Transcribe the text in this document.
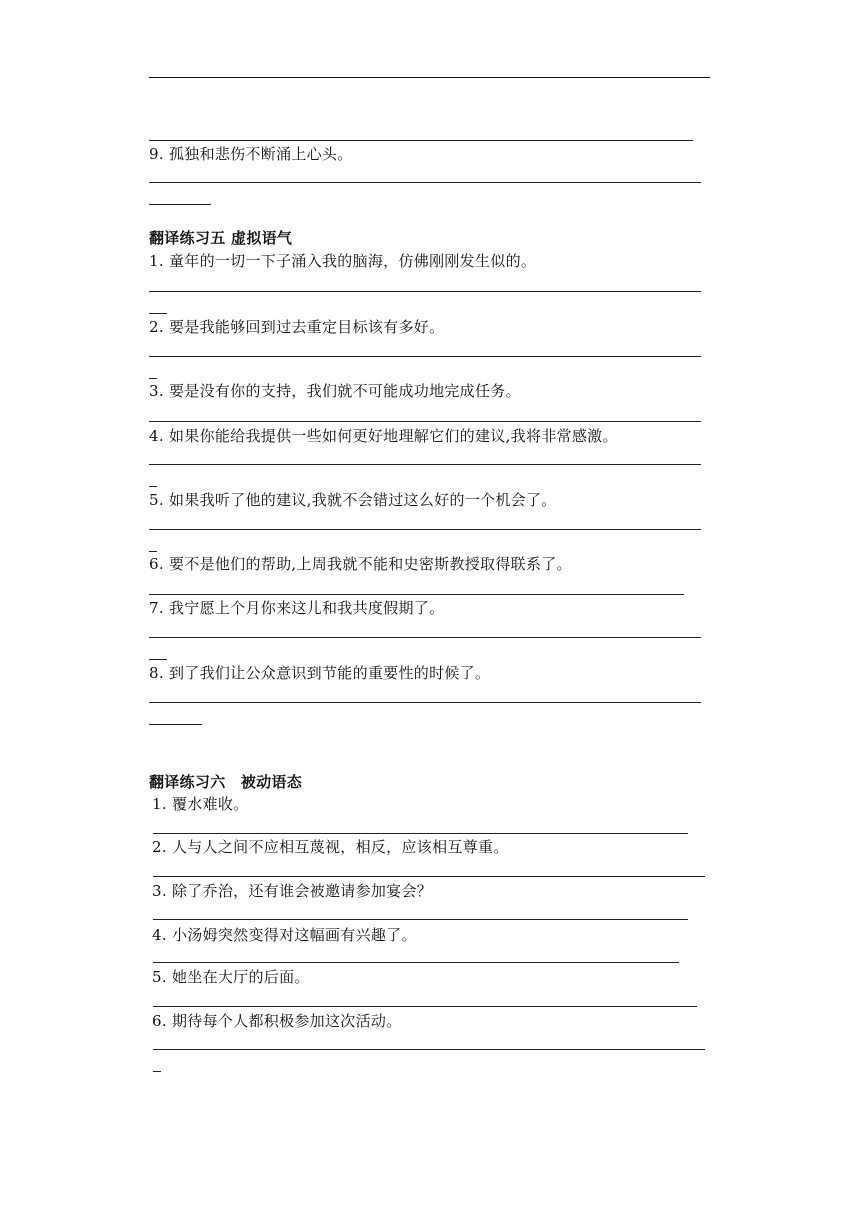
9. 孤独和悲伤不断涌上心头。
翻译练习五 虚拟语气
1. 童年的一切一下子涌入我的脑海，仿佛刚刚发生似的。
2. 要是我能够回到过去重定目标该有多好。
3. 要是没有你的支持，我们就不可能成功地完成任务。
4. 如果你能给我提供一些如何更好地理解它们的建议,我将非常感激。
5. 如果我听了他的建议,我就不会错过这么好的一个机会了。
6. 要不是他们的帮助,上周我就不能和史密斯教授取得联系了。
7. 我宁愿上个月你来这儿和我共度假期了。
8. 到了我们让公众意识到节能的重要性的时候了。
翻译练习六　被动语态
1. 覆水难收。
2. 人与人之间不应相互蔑视，相反，应该相互尊重。
3. 除了乔治，还有谁会被邀请参加宴会？
4. 小汤姆突然变得对这幅画有兴趣了。
5. 她坐在大厅的后面。
6. 期待每个人都积极参加这次活动。
